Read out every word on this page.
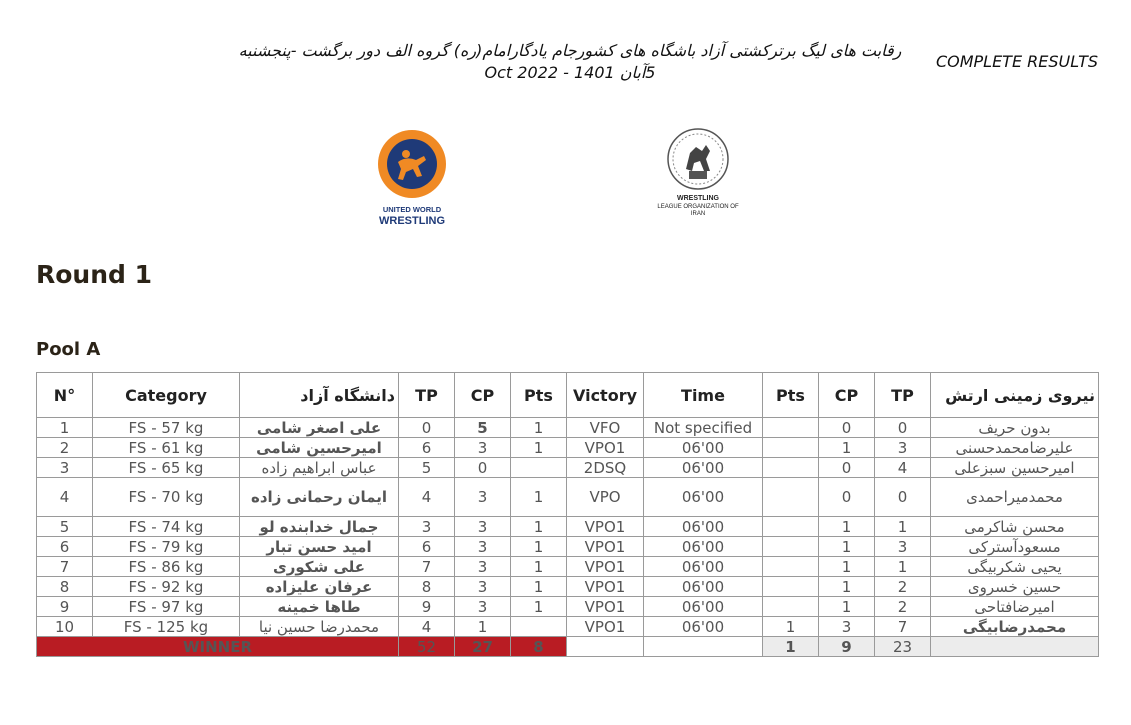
رقابت های لیگ برترکشتی آزاد باشگاه های کشورجام یادگارامام(ره) گروه الف دور برگشت -پنجشنبه
5آبان 1401 - Oct 2022
COMPLETE RESULTS
UNITED WORLD
WRESTLING
WRESTLING
LEAGUE ORGANIZATION OF
IRAN
Round 1
Pool A
N°	Category	دانشگاه آزاد	TP	CP	Pts	Victory	Time	Pts	CP	TP	نیروی زمینی ارتش
1	FS - 57 kg	علی اصغر شامی	0	5	1	VFO	Not specified		0	0	بدون حریف
2	FS - 61 kg	امیرحسین شامی	6	3	1	VPO1	06'00		1	3	علیرضامحمدحسنی
3	FS - 65 kg	عباس ابراهیم زاده	5	0		2DSQ	06'00		0	4	امیرحسین سبزعلی
4	FS - 70 kg	ایمان رحمانی زاده	4	3	1	VPO	06'00		0	0	محمدمیراحمدی
5	FS - 74 kg	جمال خدابنده لو	3	3	1	VPO1	06'00		1	1	محسن شاکرمی
6	FS - 79 kg	امید حسن تبار	6	3	1	VPO1	06'00		1	3	مسعودآسترکی
7	FS - 86 kg	علی شکوری	7	3	1	VPO1	06'00		1	1	یحیی شکربیگی
8	FS - 92 kg	عرفان علیزاده	8	3	1	VPO1	06'00		1	2	حسین خسروی
9	FS - 97 kg	طاها خمینه	9	3	1	VPO1	06'00		1	2	امیرضافتاحی
10	FS - 125 kg	محمدرضا حسین نیا	4	1		VPO1	06'00	1	3	7	محمدرضابیگی
WINNER			52	27	8			1	9	23	
